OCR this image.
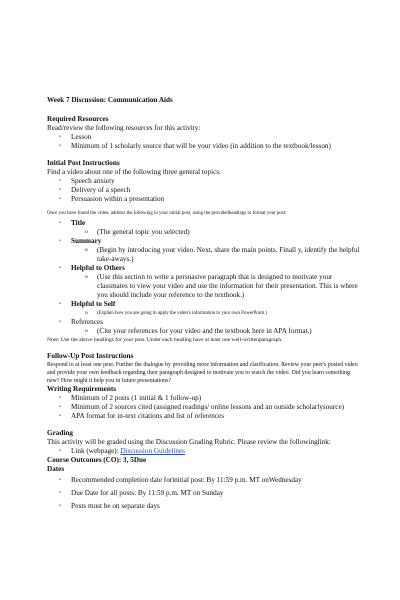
Week 7 Discussion: Communication Aids

Required Resources

Read/review the following resources for this activity:

• Lesson
• Minimum of 1 scholarly source that will be your video (in addition to the textbook/lesson)

Initial Post Instructions

Find a video about one of the following three general topics:

• Speech anxiety
• Delivery of a speech
• Persuasion within a presentation

Once you have found the video, address the following in your initial post, using the providedheadings to format your post:

• Title
o (The general topic you selected)
• Summary
o (Begin by introducing your video. Next, share the main points. Finall y, identify the helpful take-aways.)
• Helpful to Others
o (Use this section to write a persuasive paragraph that is designed to motivate your classmates to view your video and use the information for their presentation. This is where you should include your reference to the textbook.)
• Helpful to Self
o (Explain how you are going to apply the video's information to your own PowerPoint.)
• References
o (Cite your references for your video and the textbook here in APA format.)

Note: Use the above headings for your post. Under each heading have at least one well-writtenparagraph.

Follow-Up Post Instructions

Respond to at least one peer. Further the dialogue by providing more information and clarification. Review your peer's posted video and provide your own feedback regarding their paragraph designed to motivate you to watch the video. Did you learn something new? How might it help you in future presentations?

Writing Requirements

• Minimum of 2 posts (1 initial & 1 follow-up)
• Minimum of 2 sources cited (assigned readings/ online lessons and an outside scholarlysource)
• APA format for in-text citations and list of references

Grading

This activity will be graded using the Discussion Grading Rubric. Please review the followinglink:

• Link (webpage): Discussion Guidelines

Course Outcomes (CO): 3, 5Due

Dates

• Recommended completion date forinitial post: By 11:59 p.m. MT onWednesday
• Due Date for all posts: By 11:59 p.m. MT on Sunday
• Posts must be on separate days
